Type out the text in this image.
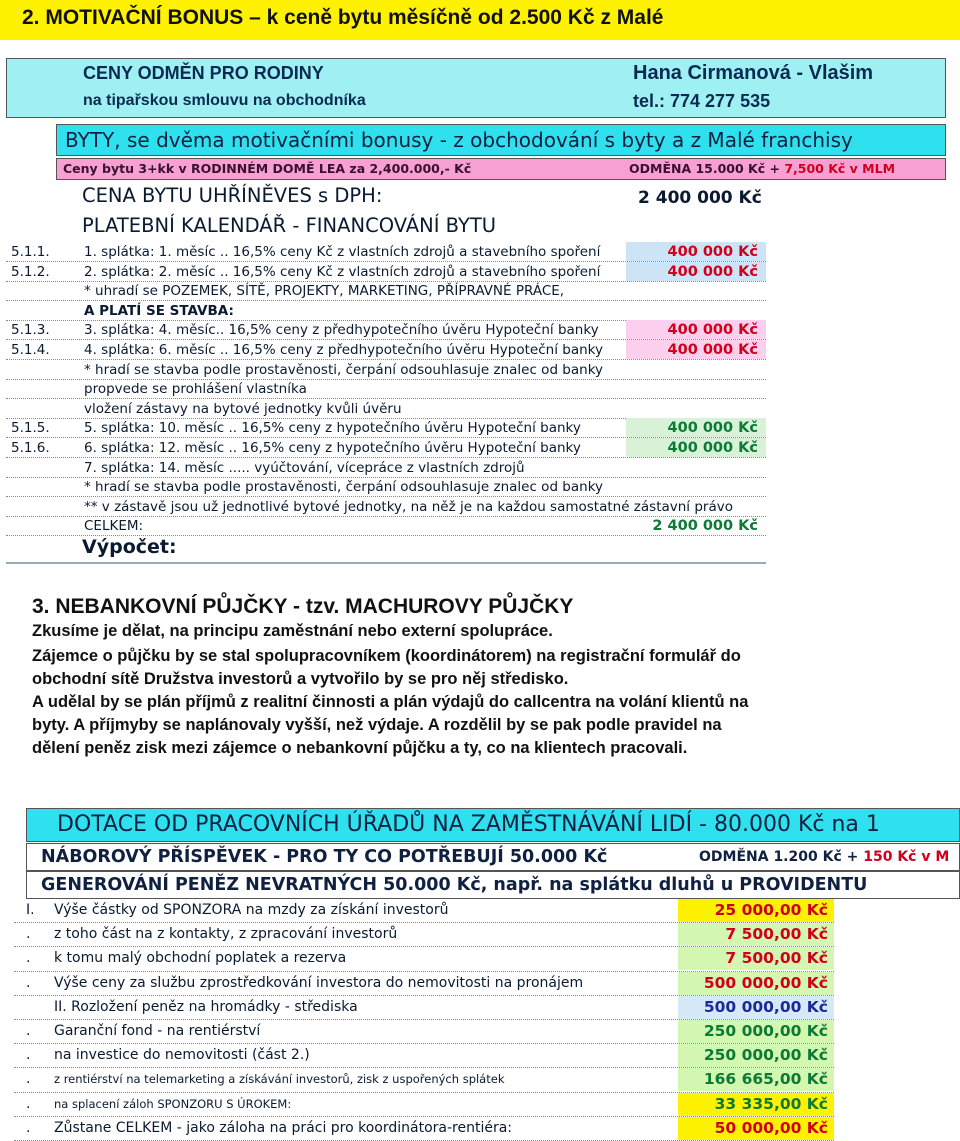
2. MOTIVAČNÍ BONUS – k ceně bytu měsíčně od 2.500 Kč z Malé
CENY ODMĚN PRO RODINY
na tipařskou smlouvu na obchodníka
Hana Cirmanová - Vlašim
tel.: 774 277 535
BYTY, se dvěma motivačními bonusy - z obchodování s byty a z Malé franchisy
Ceny bytu 3+kk v RODINNÉM DOMĚ LEA za 2,400.000,- Kč	ODMĚNA 15.000 Kč + 7,500 Kč v MLM
CENA BYTU UHŘÍNĚVES s DPH:	2 400 000 Kč
PLATEBNÍ KALENDÁŘ - FINANCOVÁNÍ BYTU
5.1.1.	1. splátka: 1. měsíc .. 16,5% ceny Kč z vlastních zdrojů a stavebního spoření	400 000 Kč
5.1.2.	2. splátka: 2. měsíc .. 16,5% ceny Kč z vlastních zdrojů a stavebního spoření	400 000 Kč
* uhradí se POZEMEK, SÍTĚ, PROJEKTY, MARKETING, PŘÍPRAVNÉ PRÁCE,
A PLATÍ SE STAVBA:
5.1.3.	3. splátka: 4. měsíc.. 16,5% ceny z předhypotečního úvěru Hypoteční banky	400 000 Kč
5.1.4.	4. splátka: 6. měsíc .. 16,5% ceny z předhypotečního úvěru Hypoteční banky	400 000 Kč
* hradí se stavba podle prostavěnosti, čerpání odsouhlasuje znalec od banky
propvede se prohlášení vlastníka
vložení zástavy na bytové jednotky kvůli úvěru
5.1.5.	5. splátka: 10. měsíc .. 16,5% ceny z hypotečního úvěru Hypoteční banky	400 000 Kč
5.1.6.	6. splátka: 12. měsíc .. 16,5% ceny z hypotečního úvěru Hypoteční banky	400 000 Kč
7. splátka: 14. měsíc ..... vyúčtování, vícepráce z vlastních zdrojů
* hradí se stavba podle prostavěnosti, čerpání odsouhlasuje znalec od banky
** v zástavě jsou už jednotlivé bytové jednotky, na něž je na každou samostatné zástavní právo
CELKEM:	2 400 000 Kč
Výpočet:
3. NEBANKOVNÍ PŮJČKY - tzv. MACHUROVY PŮJČKY
Zkusíme je dělat, na principu zaměstnání nebo externí spolupráce.
Zájemce o půjčku by se stal spolupracovníkem (koordinátorem) na registrační formulář do
obchodní sítě Družstva investorů a vytvořilo by se pro něj středisko.
A udělal by se plán příjmů z realitní činnosti a plán výdajů do callcentra na volání klientů na
byty. A příjmyby se naplánovaly vyšší, než výdaje. A rozdělil by se pak podle pravidel na
dělení peněz zisk mezi zájemce o nebankovní půjčku a ty, co na klientech pracovali.
DOTACE OD PRACOVNÍCH ÚŘADŮ NA ZAMĚSTNÁVÁNÍ LIDÍ - 80.000 Kč na 1
NÁBOROVÝ PŘÍSPĚVEK - PRO TY CO POTŘEBUJÍ 50.000 Kč	ODMĚNA 1.200 Kč + 150 Kč v M
GENEROVÁNÍ PENĚZ NEVRATNÝCH 50.000 Kč, např. na splátku dluhů u PROVIDENTU
I. Výše částky od SPONZORA na mzdy za získání investorů	25 000,00 Kč
. z toho část na z kontakty, z zpracování investorů	7 500,00 Kč
. k tomu malý obchodní poplatek a rezerva	7 500,00 Kč
. Výše ceny za službu zprostředkování investora do nemovitosti na pronájem	500 000,00 Kč
II. Rozložení peněz na hromádky - střediska	500 000,00 Kč
. Garanční fond - na rentiérství	250 000,00 Kč
. na investice do nemovitosti (část 2.)	250 000,00 Kč
. z rentiérství na telemarketing a získávání investorů, zisk z uspořených splátek	166 665,00 Kč
. na splacení záloh SPONZORU S ÚROKEM:	33 335,00 Kč
. Zůstane CELKEM - jako záloha na práci pro koordinátora-rentiéra:	50 000,00 Kč
